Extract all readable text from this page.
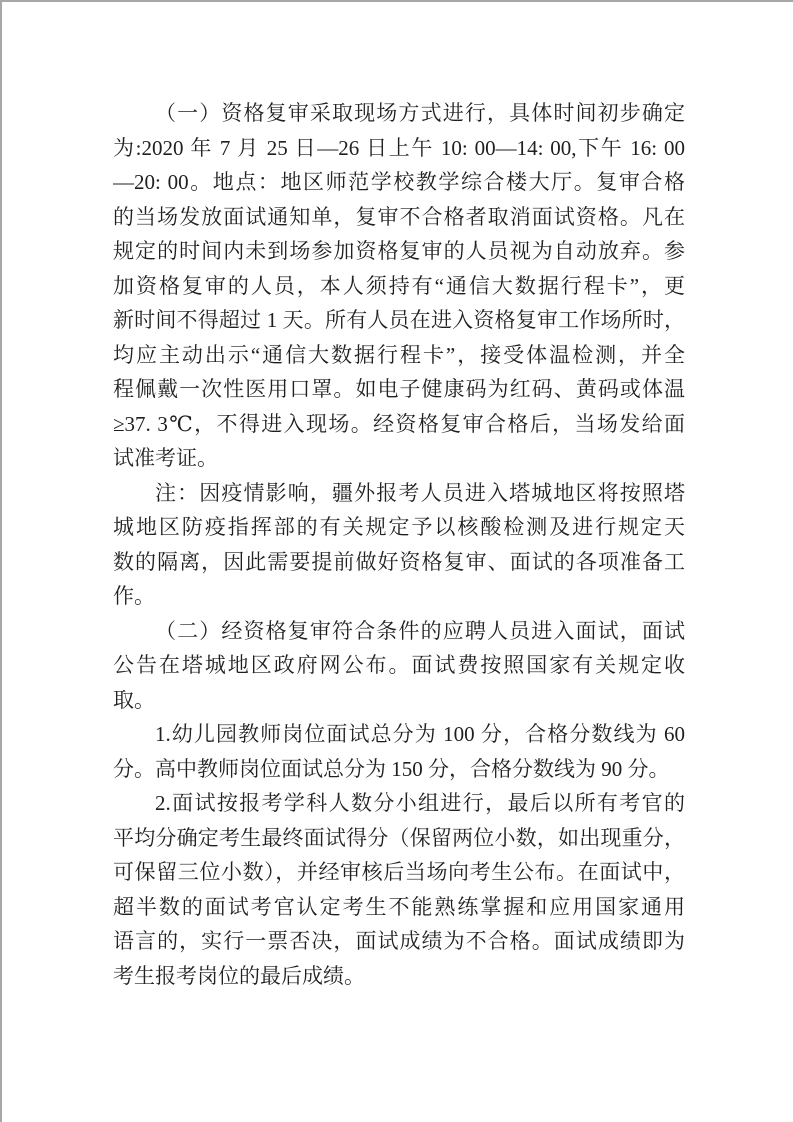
（一）资格复审采取现场方式进行，具体时间初步确定
为:2020 年 7 月 25 日—26 日上午 10: 00—14: 00,下午 16: 00
—20: 00。地点：地区师范学校教学综合楼大厅。复审合格
的当场发放面试通知单，复审不合格者取消面试资格。凡在
规定的时间内未到场参加资格复审的人员视为自动放弃。参
加资格复审的人员，本人须持有“通信大数据行程卡”，更
新时间不得超过 1 天。所有人员在进入资格复审工作场所时，
均应主动出示“通信大数据行程卡”，接受体温检测，并全
程佩戴一次性医用口罩。如电子健康码为红码、黄码或体温
≥37. 3℃，不得进入现场。经资格复审合格后，当场发给面
试准考证。
注：因疫情影响，疆外报考人员进入塔城地区将按照塔
城地区防疫指挥部的有关规定予以核酸检测及进行规定天
数的隔离，因此需要提前做好资格复审、面试的各项准备工
作。
（二）经资格复审符合条件的应聘人员进入面试，面试
公告在塔城地区政府网公布。面试费按照国家有关规定收
取。
1.幼儿园教师岗位面试总分为 100 分，合格分数线为 60
分。高中教师岗位面试总分为 150 分，合格分数线为 90 分。
2.面试按报考学科人数分小组进行，最后以所有考官的
平均分确定考生最终面试得分（保留两位小数，如出现重分，
可保留三位小数），并经审核后当场向考生公布。在面试中，
超半数的面试考官认定考生不能熟练掌握和应用国家通用
语言的，实行一票否决，面试成绩为不合格。面试成绩即为
考生报考岗位的最后成绩。
